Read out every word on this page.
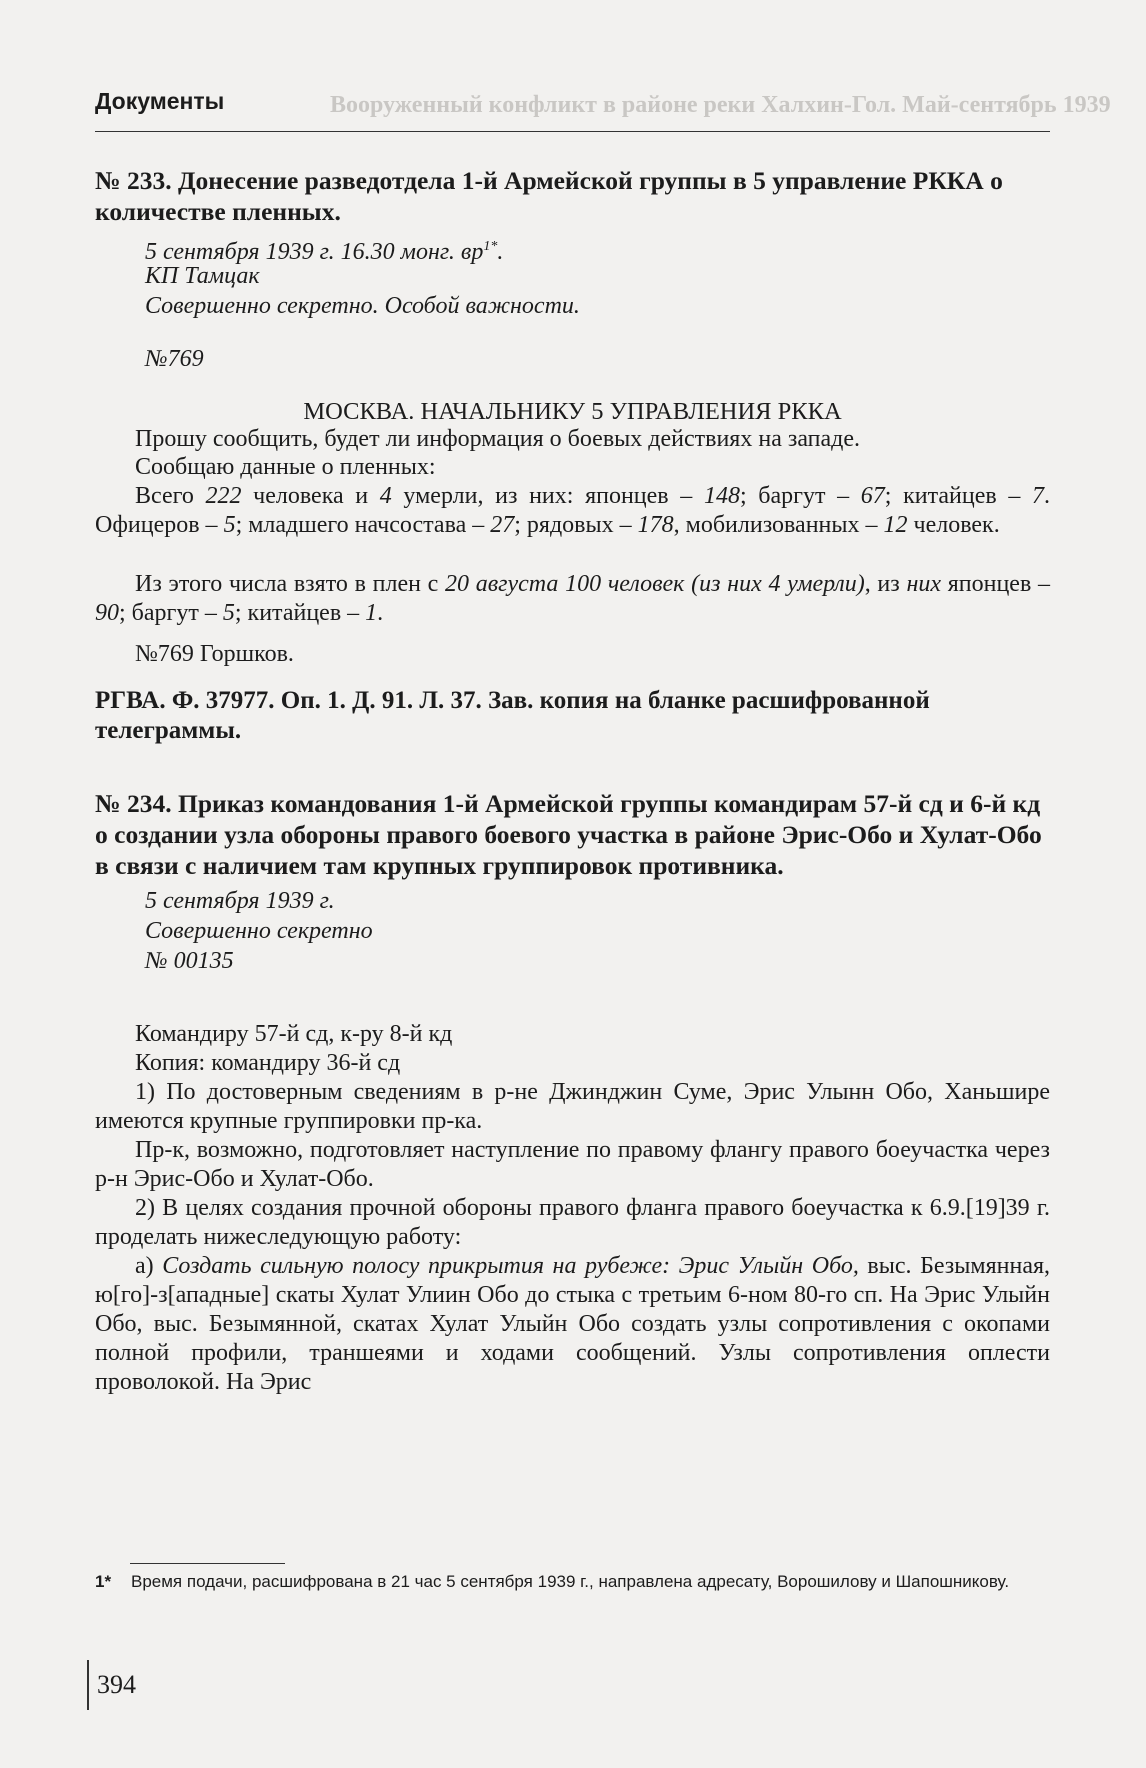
Вооруженный конфликт в районе реки Халхин-Гол. Май-сентябрь 1939
Документы
№ 233. Донесение разведотдела 1-й Армейской группы в 5 управление РККА о количестве пленных.
5 сентября 1939 г. 16.30 монг. $вр^{1*}$.
КП Тамцак
Совершенно секретно. Особой важности.
№769
МОСКВА. НАЧАЛЬНИКУ 5 УПРАВЛЕНИЯ РККА
Прошу сообщить, будет ли информация о боевых действиях на западе.
Сообщаю данные о пленных:
Всего 222 человека и 4 умерли, из них: японцев – 148; баргут – 67; китайцев – 7. Офицеров – 5; младшего начсостава – 27; рядовых – 178, мобилизованных – 12 человек.
Из этого числа взято в плен с 20 августа 100 человек (из них 4 умерли), из них японцев – 90; баргут – 5; китайцев – 1.
№769 Горшков.
РГВА. Ф. 37977. Оп. 1. Д. 91. Л. 37. Зав. копия на бланке расшифрованной телеграммы.
№ 234. Приказ командования 1-й Армейской группы командирам 57-й сд и 6-й кд о создании узла обороны правого боевого участка в районе Эрис-Обо и Хулат-Обо в связи с наличием там крупных группировок противника.
5 сентября 1939 г.
Совершенно секретно
№ 00135
Командиру 57-й сд, к-ру 8-й кд
Копия: командиру 36-й сд
1) По достоверным сведениям в р-не Джинджин Суме, Эрис Улынн Обо, Ханьшире имеются крупные группировки пр-ка.
Пр-к, возможно, подготовляет наступление по правому флангу правого боеучастка через р-н Эрис-Обо и Хулат-Обо.
2) В целях создания прочной обороны правого фланга правого боеучастка к 6.9.[19]39 г. проделать нижеследующую работу:
а) Создать сильную полосу прикрытия на рубеже: Эрис Улыйн Обо, выс. Безымянная, ю[го]-з[ападные] скаты Хулат Улиин Обо до стыка с третьим 6-ном 80-го сп. На Эрис Улыйн Обо, выс. Безымянной, скатах Хулат Улыйн Обо создать узлы сопротивления с окопами полной профили, траншеями и ходами сообщений. Узлы сопротивления оплести проволокой. На Эрис
1* Время подачи, расшифрована в 21 час 5 сентября 1939 г., направлена адресату, Ворошилову и Шапошникову.
394
